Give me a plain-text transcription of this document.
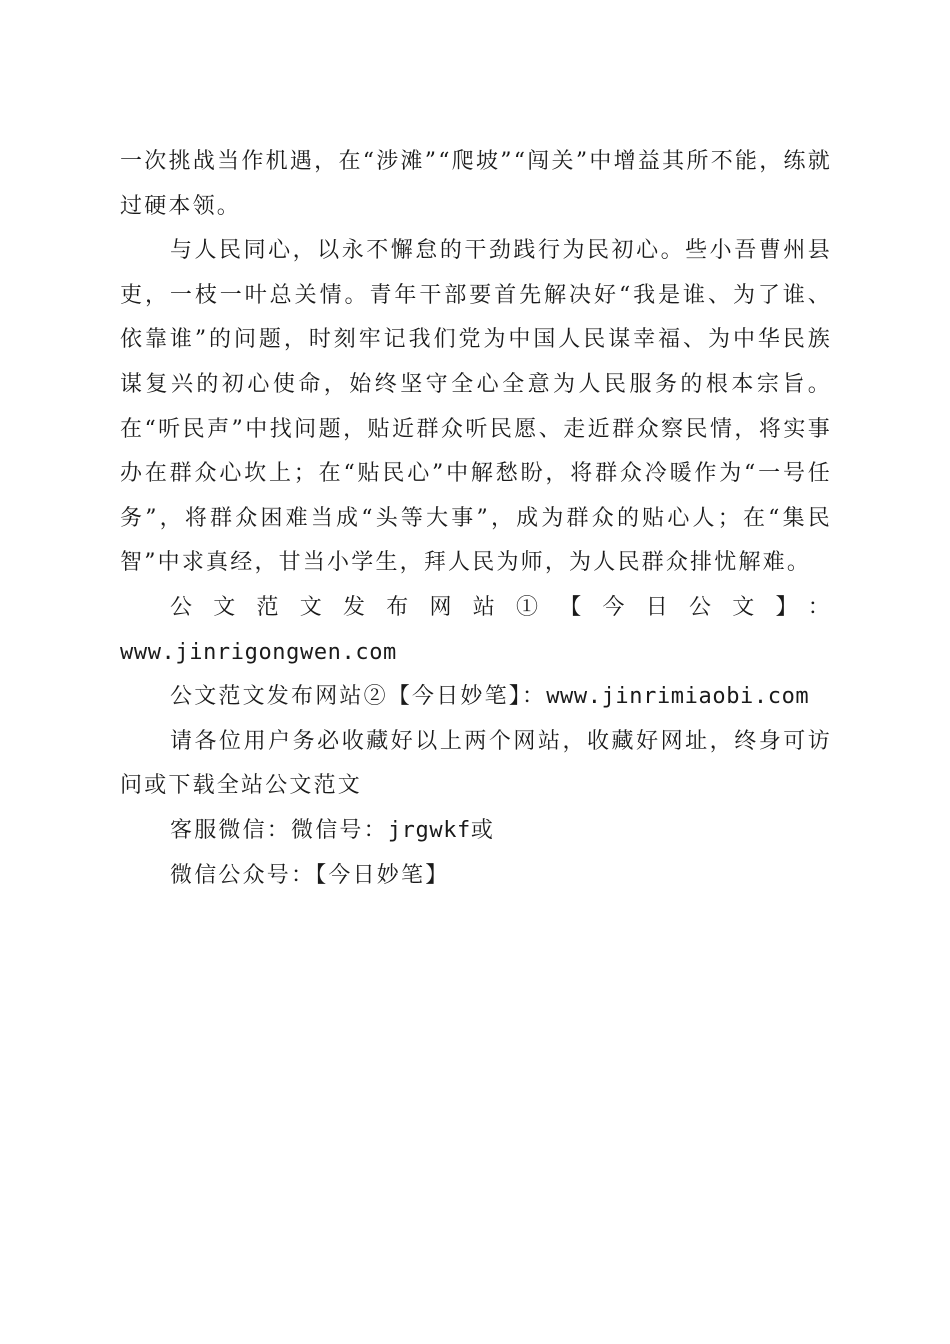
一次挑战当作机遇，在“涉滩”“爬坡”“闯关”中增益其所不能，练就过硬本领。

与人民同心，以永不懈怠的干劲践行为民初心。些小吾曹州县吏，一枝一叶总关情。青年干部要首先解决好“我是谁、为了谁、依靠谁”的问题，时刻牢记我们党为中国人民谋幸福、为中华民族谋复兴的初心使命，始终坚守全心全意为人民服务的根本宗旨。在“听民声”中找问题，贴近群众听民愿、走近群众察民情，将实事办在群众心坎上；在“贴民心”中解愁盼，将群众冷暖作为“一号任务”，将群众困难当成“头等大事”，成为群众的贴心人；在“集民智”中求真经，甘当小学生，拜人民为师，为人民群众排忧解难。

公文范文发布网站①【今日公文】：
www.jinrigongwen.com

公文范文发布网站②【今日妙笔】：www.jinrimiaobi.com

请各位用户务必收藏好以上两个网站，收藏好网址，终身可访问或下载全站公文范文

客服微信：微信号：jrgwkf或

微信公众号：【今日妙笔】
